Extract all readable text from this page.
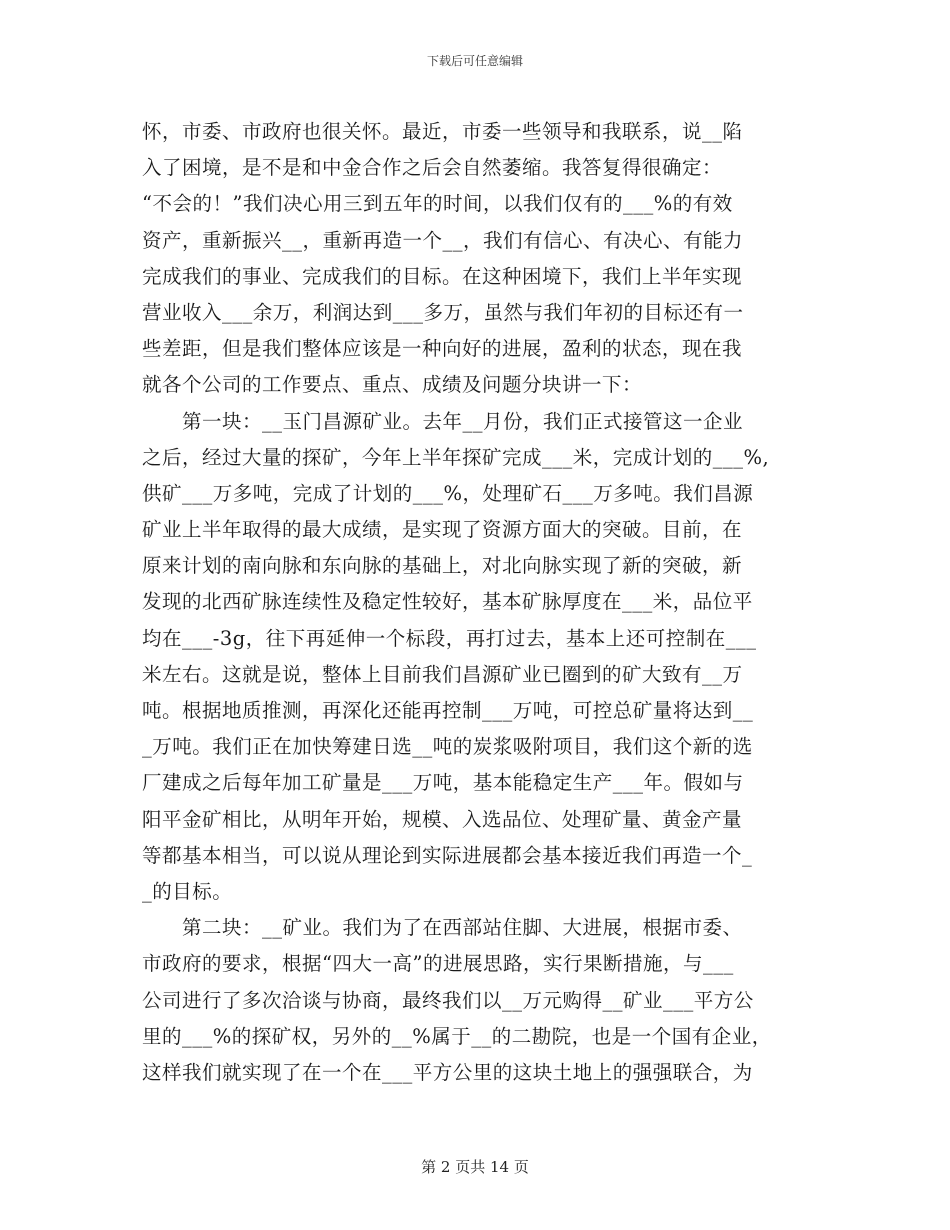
下载后可任意编辑
怀，市委、市政府也很关怀。最近，市委一些领导和我联系，说__陷
入了困境，是不是和中金合作之后会自然萎缩。我答复得很确定：
“不会的！”我们决心用三到五年的时间，以我们仅有的___%的有效
资产，重新振兴__，重新再造一个__，我们有信心、有决心、有能力
完成我们的事业、完成我们的目标。在这种困境下，我们上半年实现
营业收入___余万，利润达到___多万，虽然与我们年初的目标还有一
些差距，但是我们整体应该是一种向好的进展，盈利的状态，现在我
就各个公司的工作要点、重点、成绩及问题分块讲一下：
　　第一块：__玉门昌源矿业。去年__月份，我们正式接管这一企业
之后，经过大量的探矿，今年上半年探矿完成___米，完成计划的___%,
供矿___万多吨，完成了计划的___%，处理矿石___万多吨。我们昌源
矿业上半年取得的最大成绩，是实现了资源方面大的突破。目前，在
原来计划的南向脉和东向脉的基础上，对北向脉实现了新的突破，新
发现的北西矿脉连续性及稳定性较好，基本矿脉厚度在___米，品位平
均在___-3g，往下再延伸一个标段，再打过去，基本上还可控制在___
米左右。这就是说，整体上目前我们昌源矿业已圈到的矿大致有__万
吨。根据地质推测，再深化还能再控制___万吨，可控总矿量将达到__
_万吨。我们正在加快筹建日选__吨的炭浆吸附项目，我们这个新的选
厂建成之后每年加工矿量是___万吨，基本能稳定生产___年。假如与
阳平金矿相比，从明年开始，规模、入选品位、处理矿量、黄金产量
等都基本相当，可以说从理论到实际进展都会基本接近我们再造一个_
_的目标。
　　第二块：__矿业。我们为了在西部站住脚、大进展，根据市委、
市政府的要求，根据“四大一高”的进展思路，实行果断措施，与___
公司进行了多次洽谈与协商，最终我们以__万元购得__矿业___平方公
里的___%的探矿权，另外的__%属于__的二勘院，也是一个国有企业，
这样我们就实现了在一个在___平方公里的这块土地上的强强联合，为
第 2 页共 14 页
